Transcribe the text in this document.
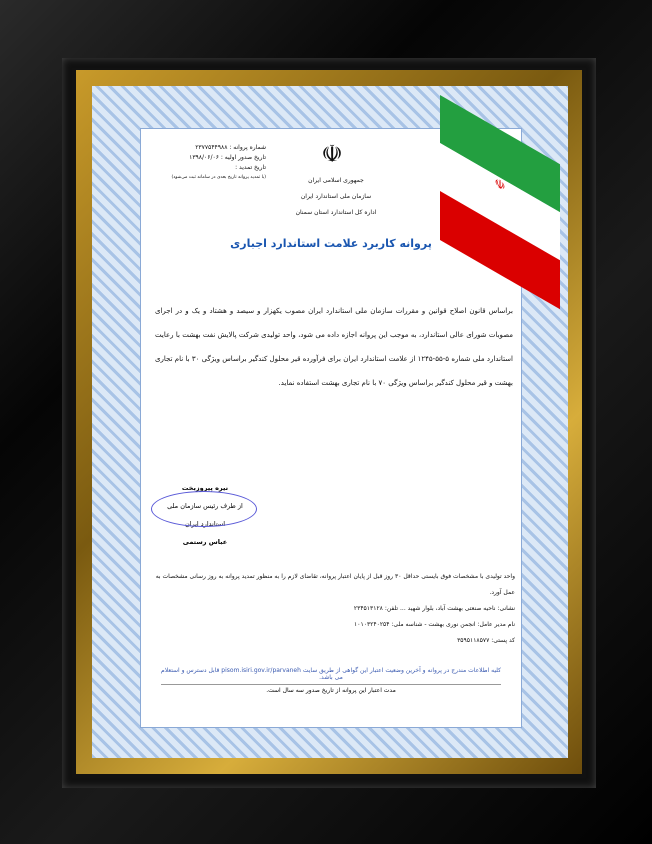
☫
جمهوری اسلامی ایران
سازمان ملی استاندارد ایران
اداره کل استاندارد استان سمنان
شماره پروانه : ۲۳۷۷۵۴۴۹۸۸
تاریخ صدور اولیه : ۱۳۹۸/۰۶/۰۶
تاریخ تمدید :
(با تمدید پروانه تاریخ بعدی در سامانه ثبت می‌شود)
پروانه کاربرد علامت استاندارد اجباری
براساس قانون اصلاح قوانین و مقررات سازمان ملی استاندارد ایران مصوب یکهزار و سیصد و هشتاد و یک و در اجرای مصوبات شورای عالی استاندارد، به موجب این پروانه اجازه داده می شود، واحد تولیدی شرکت پالایش نفت بهشت با رعایت استاندارد ملی شماره ۵-۵۵-۱۲۴۵ از علامت استاندارد ایران برای فرآورده قیر محلول کندگیر براساس ویژگی ۳۰ با نام تجاری بهشت و قیر محلول کندگیر براساس ویژگی ۷۰ با نام تجاری بهشت استفاده نماید.
نیره پیروزبخت
از طرف رئیس سازمان ملی استاندارد ایران
عباس رستمی
واحد تولیدی با مشخصات فوق بایستی حداقل ۳۰ روز قبل از پایان اعتبار پروانه، تقاضای لازم را به منظور تمدید پروانه به روز رسانی مشخصات به عمل آورد.
نشانی: ناحیه صنعتی بهشت آباد، بلوار شهید ... تلفن: ۲۳۴۵۱۳۱۲۸
نام مدیر عامل: انجمن نوری بهشت - شناسه ملی: ۱۰۱۰۳۲۴۰۲۵۴
کد پستی: ۳۵۹۵۱۱۸۵۷۷
کلیه اطلاعات مندرج در پروانه و آخرین وضعیت اعتبار این گواهی از طریق سایت pisom.isiri.gov.ir/parvaneh قابل دسترس و استعلام می باشد.
مدت اعتبار این پروانه از تاریخ صدور سه سال است.
☫
